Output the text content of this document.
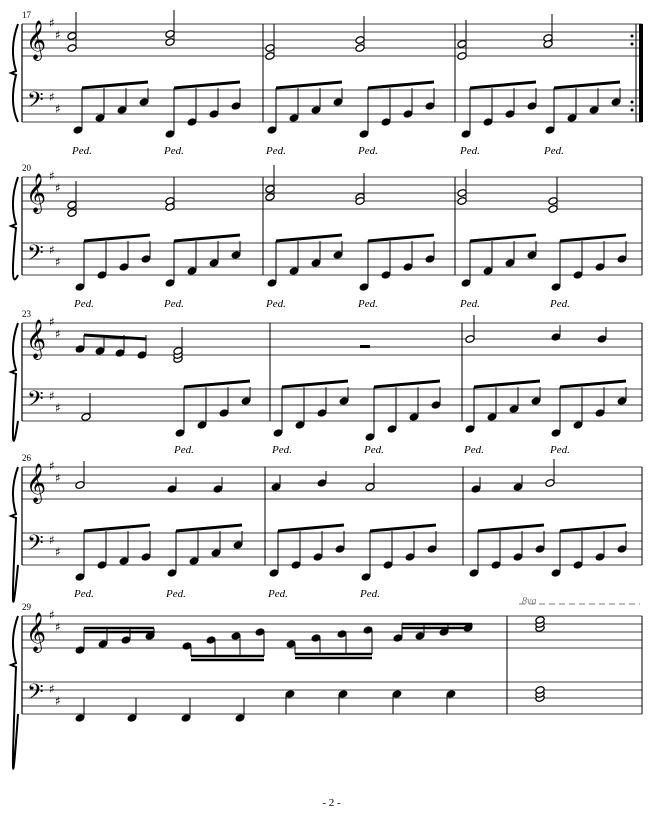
𝄞
𝄢
♯
♯
♯
♯
𝄞
𝄢
♯
♯
♯
♯
𝄞
𝄢
♯
♯
♯
♯
𝄞
𝄢
♯
♯
♯
♯
𝄞
𝄢
♯
♯
♯
♯
Ped.	Ped.	Ped.	Ped.	Ped.	Ped.
Ped.	Ped.	Ped.	Ped.	Ped.	Ped.
Ped.	Ped.	Ped.	Ped.	Ped.
Ped.	Ped.	Ped.	Ped.
17
20
23
26
29	8va
- 2 -
